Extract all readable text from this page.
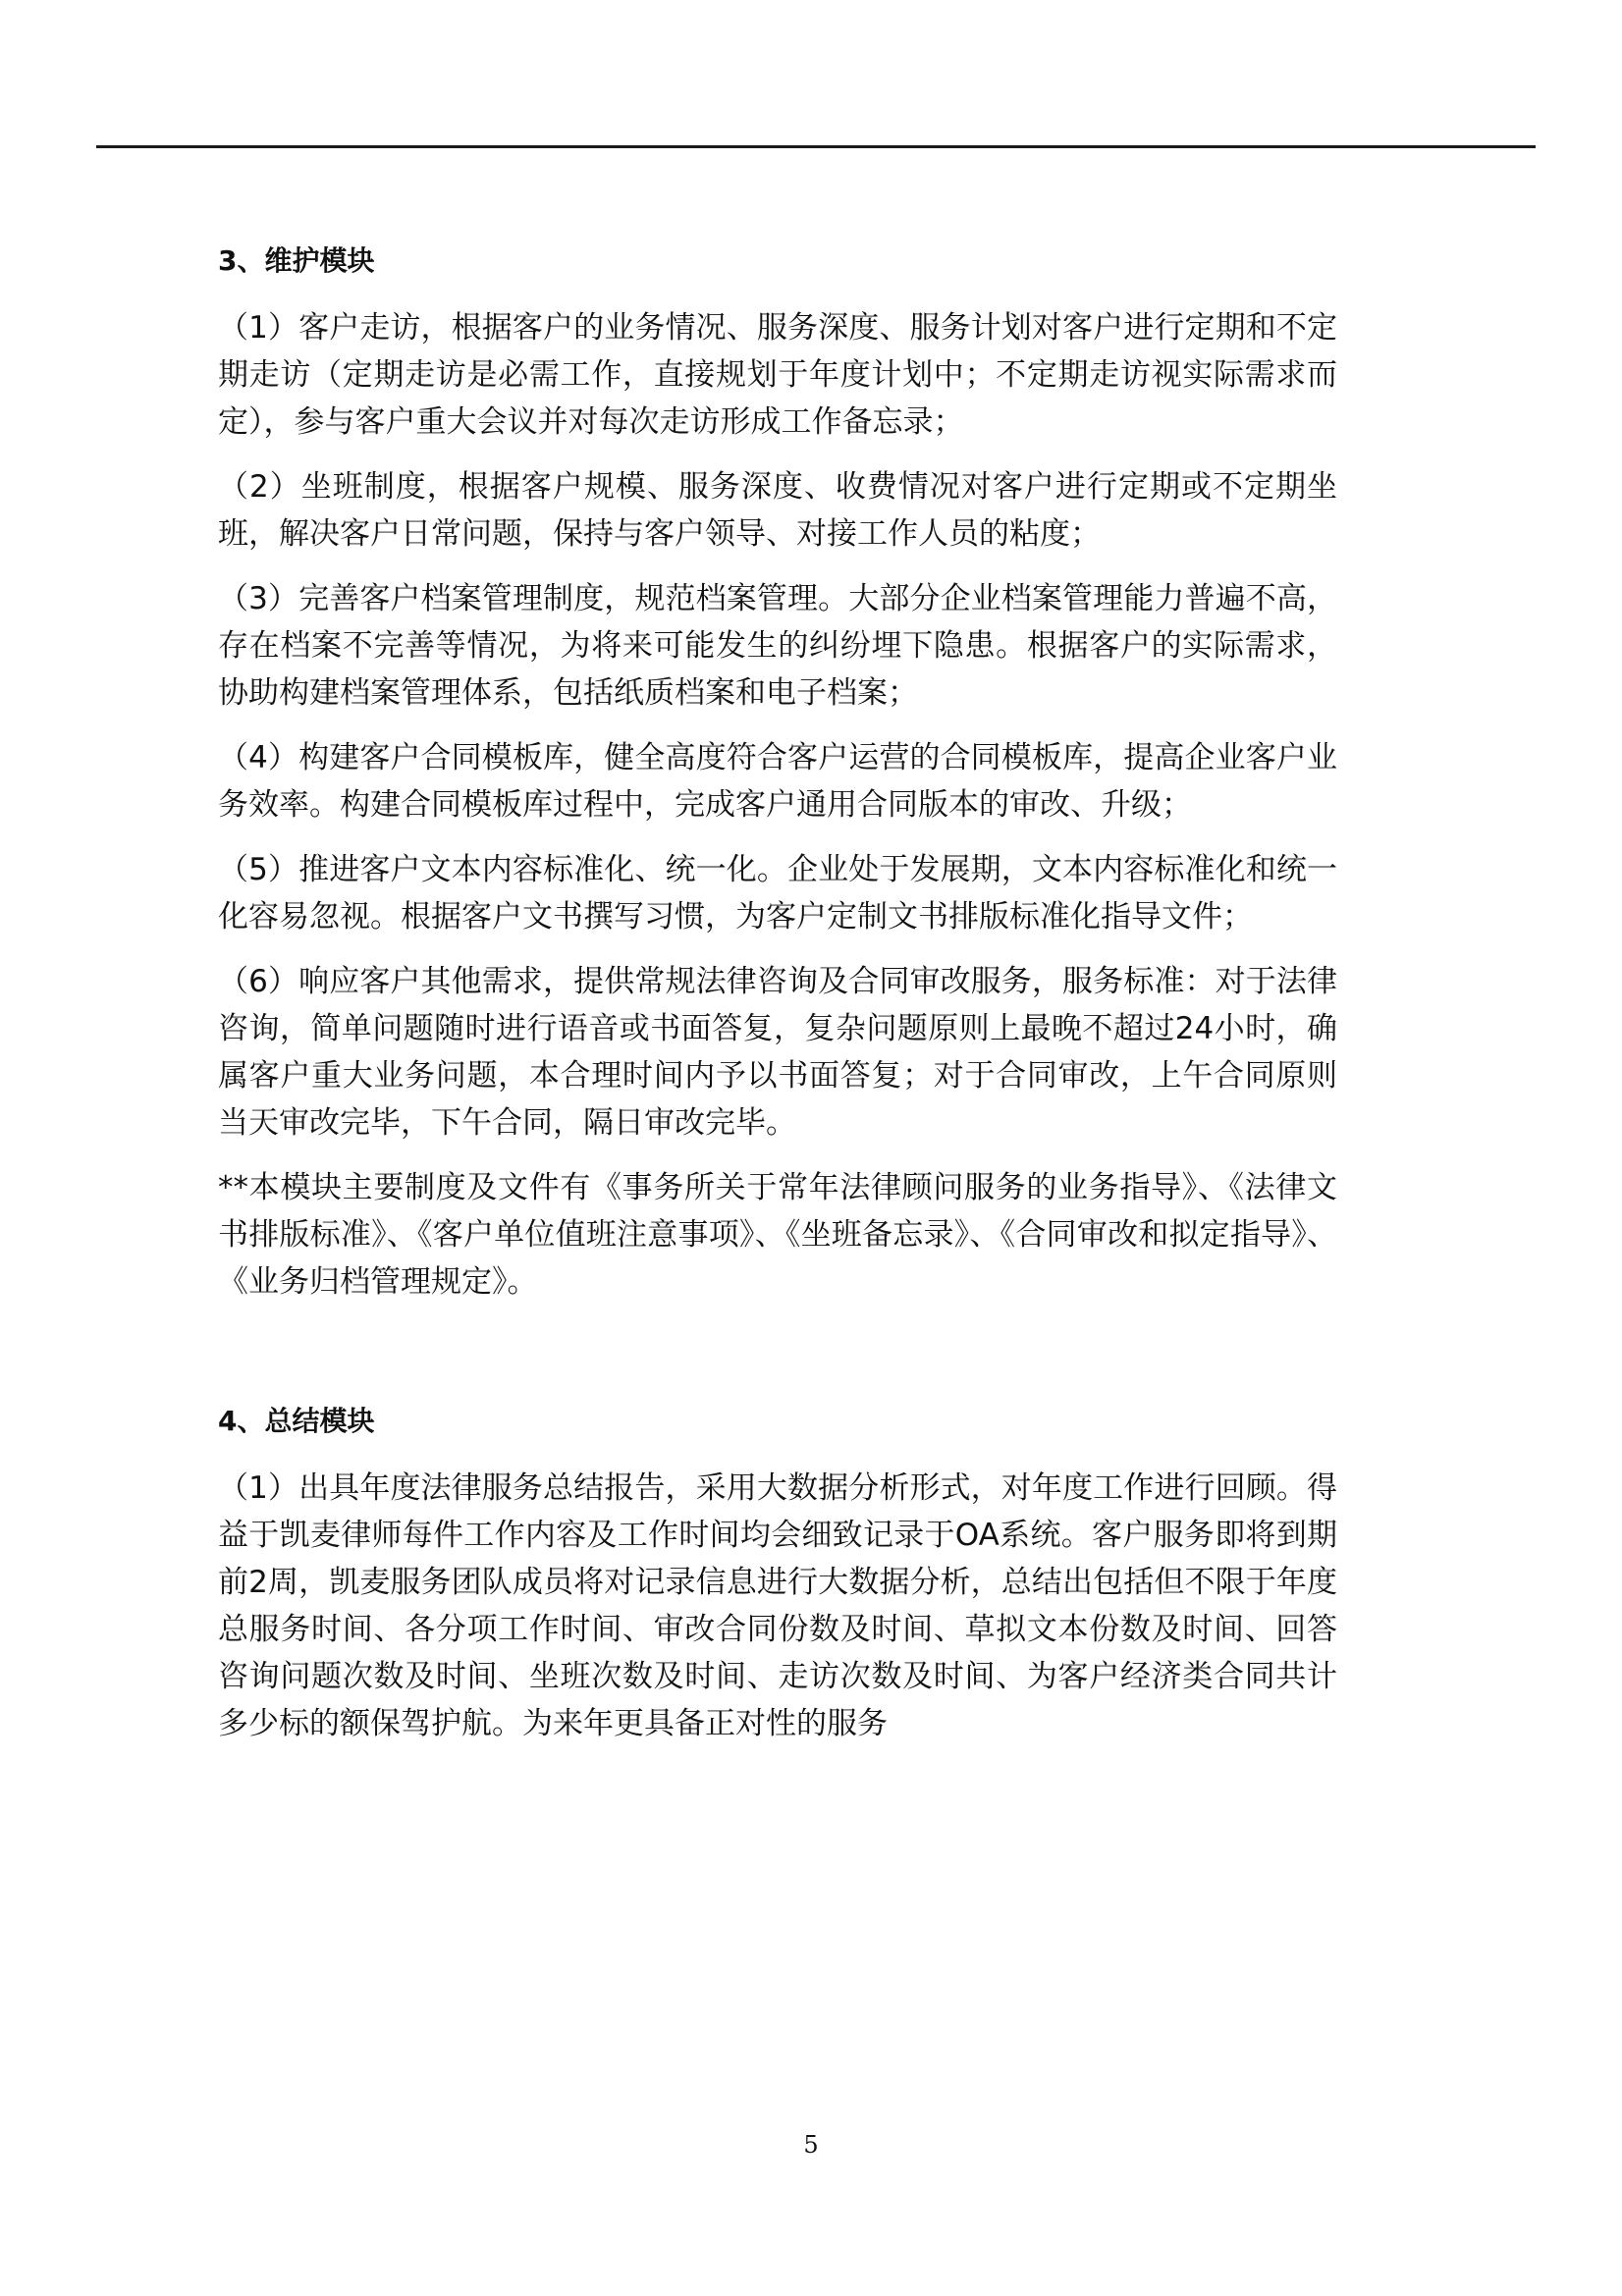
3、维护模块

（1）客户走访，根据客户的业务情况、服务深度、服务计划对客户进行定期和不定期走访（定期走访是必需工作，直接规划于年度计划中；不定期走访视实际需求而定），参与客户重大会议并对每次走访形成工作备忘录；

（2）坐班制度，根据客户规模、服务深度、收费情况对客户进行定期或不定期坐班，解决客户日常问题，保持与客户领导、对接工作人员的粘度；

（3）完善客户档案管理制度，规范档案管理。大部分企业档案管理能力普遍不高，存在档案不完善等情况，为将来可能发生的纠纷埋下隐患。根据客户的实际需求，协助构建档案管理体系，包括纸质档案和电子档案；

（4）构建客户合同模板库，健全高度符合客户运营的合同模板库，提高企业客户业务效率。构建合同模板库过程中，完成客户通用合同版本的审改、升级；

（5）推进客户文本内容标准化、统一化。企业处于发展期，文本内容标准化和统一化容易忽视。根据客户文书撰写习惯，为客户定制文书排版标准化指导文件；

（6）响应客户其他需求，提供常规法律咨询及合同审改服务，服务标准：对于法律咨询，简单问题随时进行语音或书面答复，复杂问题原则上最晚不超过24小时，确属客户重大业务问题，本合理时间内予以书面答复；对于合同审改，上午合同原则当天审改完毕，下午合同，隔日审改完毕。

**本模块主要制度及文件有《事务所关于常年法律顾问服务的业务指导》、《法律文书排版标准》、《客户单位值班注意事项》、《坐班备忘录》、《合同审改和拟定指导》、《业务归档管理规定》。

4、总结模块

（1）出具年度法律服务总结报告，采用大数据分析形式，对年度工作进行回顾。得益于凯麦律师每件工作内容及工作时间均会细致记录于OA系统。客户服务即将到期前2周，凯麦服务团队成员将对记录信息进行大数据分析，总结出包括但不限于年度总服务时间、各分项工作时间、审改合同份数及时间、草拟文本份数及时间、回答咨询问题次数及时间、坐班次数及时间、走访次数及时间、为客户经济类合同共计多少标的额保驾护航。为来年更具备正对性的服务

5
